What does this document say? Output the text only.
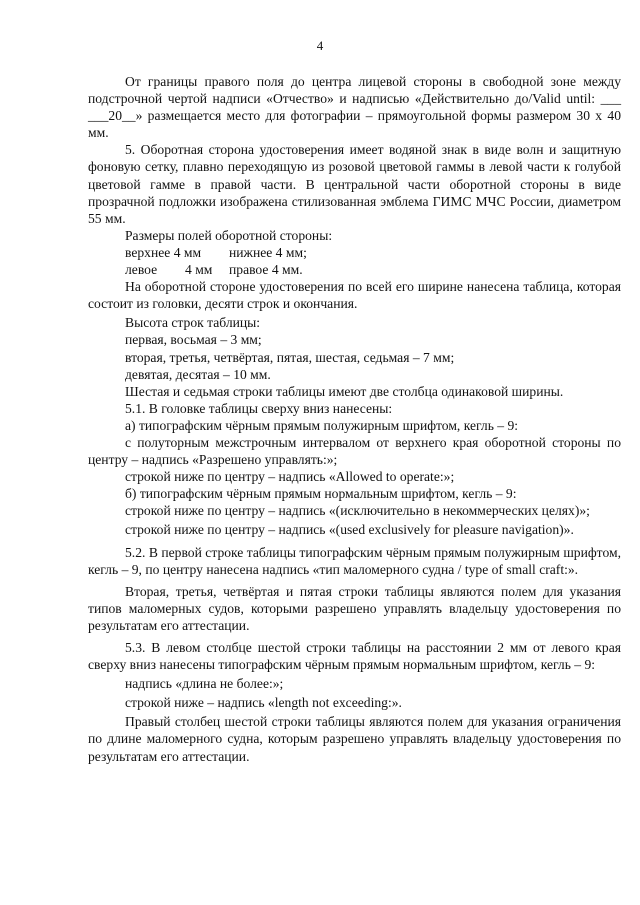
4

От границы правого поля до центра лицевой стороны в свободной зоне между подстрочной чертой надписи «Отчество» и надписью «Действительно до/Valid until: ___ ___20__» размещается место для фотографии – прямоугольной формы размером 30 х 40 мм.

5. Оборотная сторона удостоверения имеет водяной знак в виде волн и защитную фоновую сетку, плавно переходящую из розовой цветовой гаммы в левой части к голубой цветовой гамме в правой части. В центральной части оборотной стороны в виде прозрачной подложки изображена стилизованная эмблема ГИМС МЧС России, диаметром 55 мм.

Размеры полей оборотной стороны:

верхнее 4 мм	нижнее 4 мм;
левое	4 мм	правое 4 мм.

На оборотной стороне удостоверения по всей его ширине нанесена таблица, которая состоит из головки, десяти строк и окончания.

Высота строк таблицы:

первая, восьмая – 3 мм;

вторая, третья, четвёртая, пятая, шестая, седьмая – 7 мм;

девятая, десятая – 10 мм.

Шестая и седьмая строки таблицы имеют две столбца одинаковой ширины.

5.1. В головке таблицы сверху вниз нанесены:

а) типографским чёрным прямым полужирным шрифтом, кегль – 9:

с полуторным межстрочным интервалом от верхнего края оборотной стороны по центру – надпись «Разрешено управлять:»;

строкой ниже по центру – надпись «Allowed to operate:»;

б) типографским чёрным прямым нормальным шрифтом, кегль – 9:

строкой ниже по центру – надпись «(исключительно в некоммерческих целях)»;

строкой ниже по центру – надпись «(used exclusively for pleasure navigation)».

5.2. В первой строке таблицы типографским чёрным прямым полужирным шрифтом, кегль – 9, по центру нанесена надпись «тип маломерного судна / type of small craft:».

Вторая, третья, четвёртая и пятая строки таблицы являются полем для указания типов маломерных судов, которыми разрешено управлять владельцу удостоверения по результатам его аттестации.

5.3. В левом столбце шестой строки таблицы на расстоянии 2 мм от левого края сверху вниз нанесены типографским чёрным прямым нормальным шрифтом, кегль – 9:

надпись «длина не более:»;

строкой ниже – надпись «length not exceeding:».

Правый столбец шестой строки таблицы являются полем для указания ограничения по длине маломерного судна, которым разрешено управлять владельцу удостоверения по результатам его аттестации.
